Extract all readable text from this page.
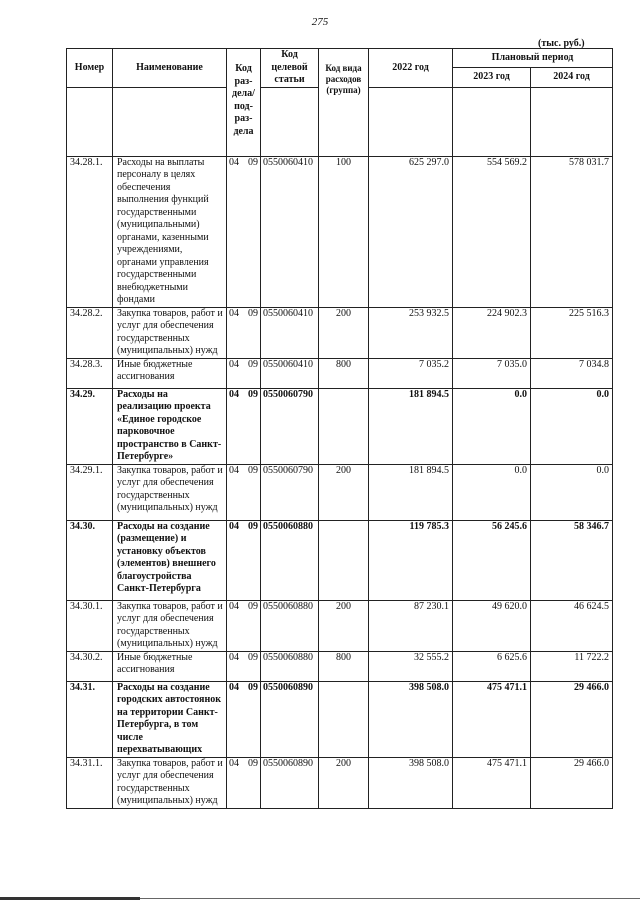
275
(тыс. руб.)
Номер	Наименование	Код раз-дела/ под-раз-дела	Код целевой статьи	Код вида расходов (группа)	2022 год	Плановый период	
						2023 год	2024 год

34.28.1.	Расходы на выплаты персоналу в целях обеспечения выполнения функций государственными (муниципальными) органами, казенными учреждениями, органами управления государственными внебюджетными фондами	04 09	0550060410	100	625 297.0	554 569.2	578 031.7
34.28.2.	Закупка товаров, работ и услуг для обеспечения государственных (муниципальных) нужд	04 09	0550060410	200	253 932.5	224 902.3	225 516.3
34.28.3.	Иные бюджетные ассигнования	04 09	0550060410	800	7 035.2	7 035.0	7 034.8
34.29.	Расходы на реализацию проекта «Единое городское парковочное пространство в Санкт-Петербурге»	04 09	0550060790		181 894.5	0.0	0.0
34.29.1.	Закупка товаров, работ и услуг для обеспечения государственных (муниципальных) нужд	04 09	0550060790	200	181 894.5	0.0	0.0
34.30.	Расходы на создание (размещение) и установку объектов (элементов) внешнего благоустройства Санкт-Петербурга	04 09	0550060880		119 785.3	56 245.6	58 346.7
34.30.1.	Закупка товаров, работ и услуг для обеспечения государственных (муниципальных) нужд	04 09	0550060880	200	87 230.1	49 620.0	46 624.5
34.30.2.	Иные бюджетные ассигнования	04 09	0550060880	800	32 555.2	6 625.6	11 722.2
34.31.	Расходы на создание городских автостоянок на территории Санкт-Петербурга, в том числе перехватывающих	04 09	0550060890		398 508.0	475 471.1	29 466.0
34.31.1.	Закупка товаров, работ и услуг для обеспечения государственных (муниципальных) нужд	04 09	0550060890	200	398 508.0	475 471.1	29 466.0
